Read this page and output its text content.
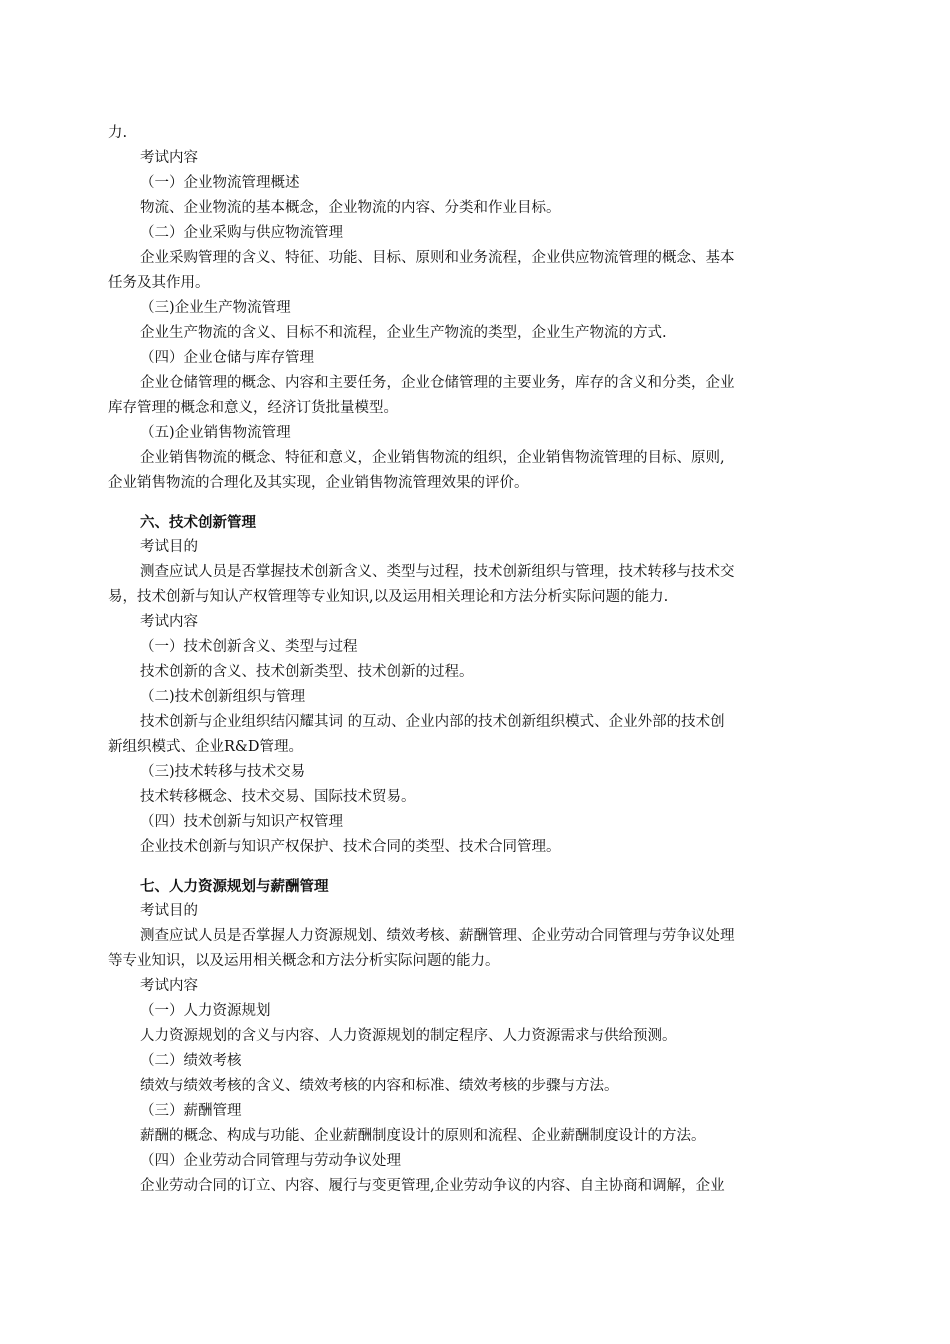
力.
考试内容
（一）企业物流管理概述
物流、企业物流的基本概念，企业物流的内容、分类和作业目标。
（二）企业采购与供应物流管理
企业采购管理的含义、特征、功能、目标、原则和业务流程，企业供应物流管理的概念、基本
任务及其作用。
（三)企业生产物流管理
企业生产物流的含义、目标不和流程，企业生产物流的类型，企业生产物流的方式.
（四）企业仓储与库存管理
企业仓储管理的概念、内容和主要任务，企业仓储管理的主要业务，库存的含义和分类，企业
库存管理的概念和意义，经济订货批量模型。
（五)企业销售物流管理
企业销售物流的概念、特征和意义，企业销售物流的组织，企业销售物流管理的目标、原则,
企业销售物流的合理化及其实现，企业销售物流管理效果的评价。
六、技术创新管理
考试目的
测查应试人员是否掌握技术创新含义、类型与过程，技术创新组织与管理，技术转移与技术交
易，技术创新与知认产权管理等专业知识,以及运用相关理论和方法分析实际问题的能力.
考试内容
（一）技术创新含义、类型与过程
技术创新的含义、技术创新类型、技术创新的过程。
（二)技术创新组织与管理
技术创新与企业组织结闪耀其词 的互动、企业内部的技术创新组织模式、企业外部的技术创
新组织模式、企业R&D管理。
（三)技术转移与技术交易
技术转移概念、技术交易、国际技术贸易。
（四）技术创新与知识产权管理
企业技术创新与知识产权保护、技术合同的类型、技术合同管理。
七、人力资源规划与薪酬管理
考试目的
测查应试人员是否掌握人力资源规划、绩效考核、薪酬管理、企业劳动合同管理与劳争议处理
等专业知识，以及运用相关概念和方法分析实际问题的能力。
考试内容
（一）人力资源规划
人力资源规划的含义与内容、人力资源规划的制定程序、人力资源需求与供给预测。
（二）绩效考核
绩效与绩效考核的含义、绩效考核的内容和标准、绩效考核的步骤与方法。
（三）薪酬管理
薪酬的概念、构成与功能、企业薪酬制度设计的原则和流程、企业薪酬制度设计的方法。
（四）企业劳动合同管理与劳动争议处理
企业劳动合同的订立、内容、履行与变更管理,企业劳动争议的内容、自主协商和调解，企业
